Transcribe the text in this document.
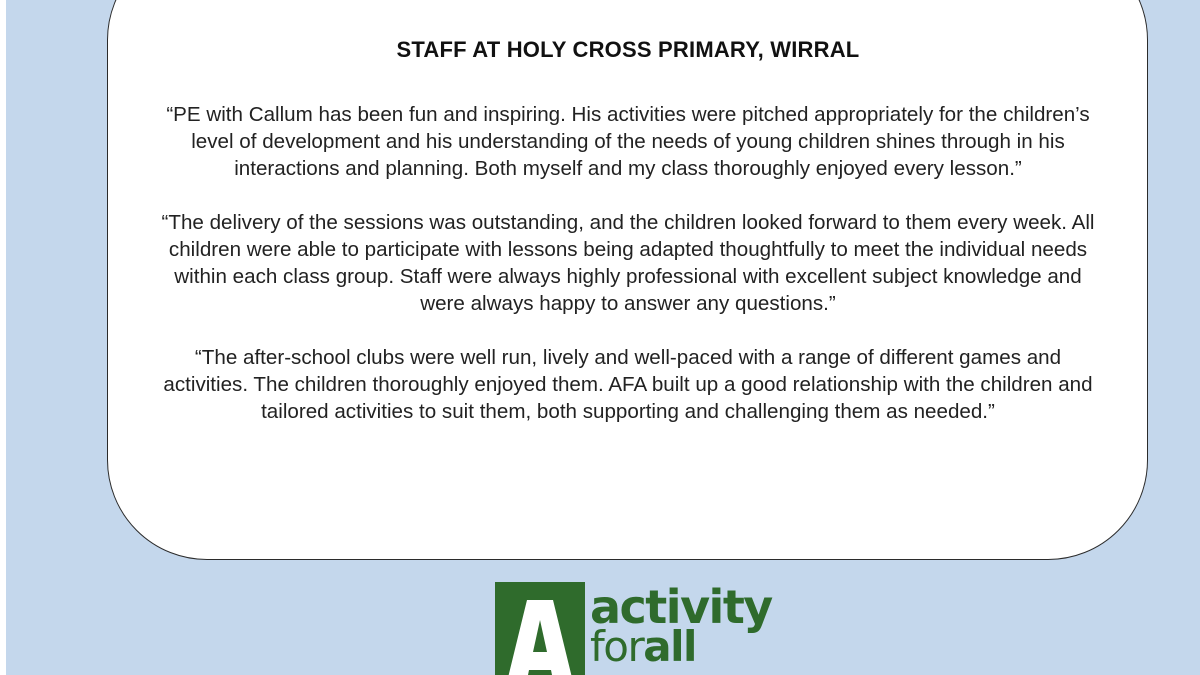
STAFF AT HOLY CROSS PRIMARY, WIRRAL

“PE with Callum has been fun and inspiring. His activities were pitched appropriately for the children’s level of development and his understanding of the needs of young children shines through in his interactions and planning. Both myself and my class thoroughly enjoyed every lesson.”

“The delivery of the sessions was outstanding, and the children looked forward to them every week. All children were able to participate with lessons being adapted thoughtfully to meet the individual needs within each class group. Staff were always highly professional with excellent subject knowledge and were always happy to answer any questions.”

“The after-school clubs were well run, lively and well-paced with a range of different games and activities. The children thoroughly enjoyed them. AFA built up a good relationship with the children and tailored activities to suit them, both supporting and challenging them as needed.”

activity
forall
